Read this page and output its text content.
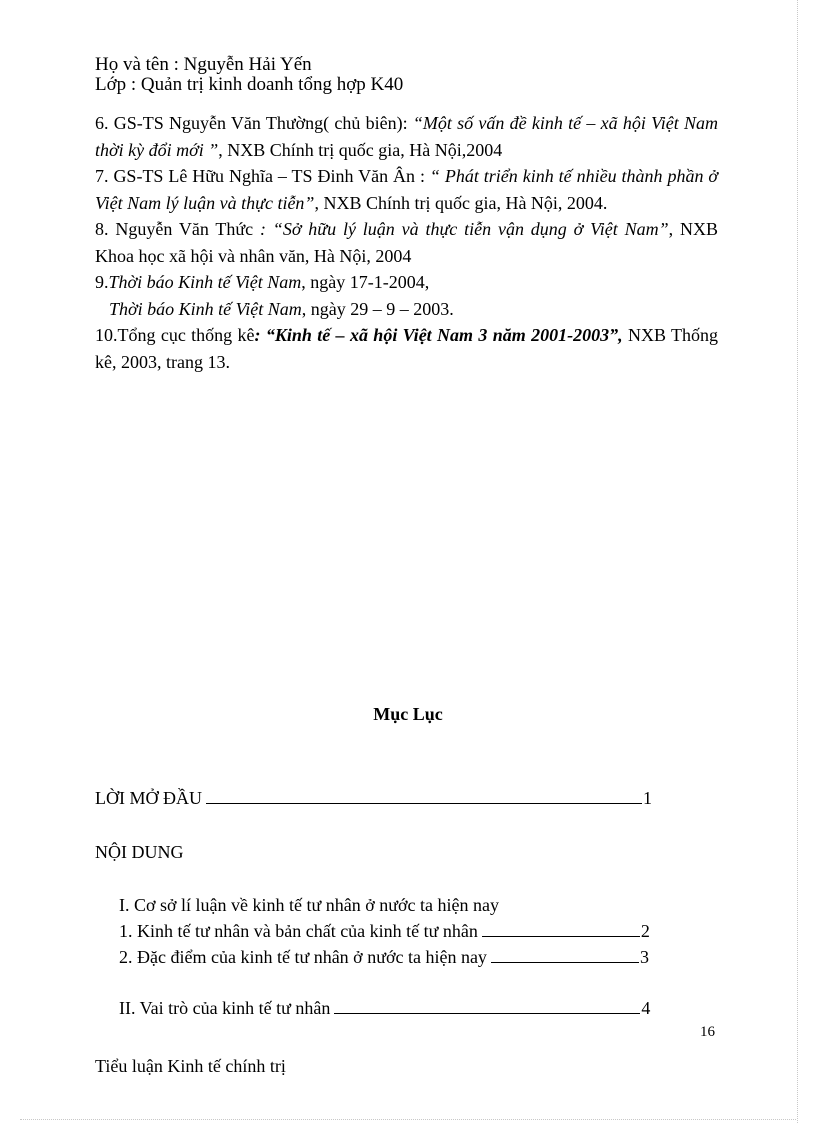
Họ và tên : Nguyễn Hải Yến
Lớp : Quản trị kinh doanh tổng hợp K40

6. GS-TS Nguyễn Văn Thường( chủ biên): “Một số vấn đề kinh tế – xã hội Việt Nam thời kỳ đổi mới ”, NXB Chính trị quốc gia, Hà Nội,2004

7. GS-TS Lê Hữu Nghĩa – TS Đinh Văn Ân : “ Phát triển kinh tế nhiều thành phần ở Việt Nam lý luận và thực tiễn”, NXB Chính trị quốc gia, Hà Nội, 2004.

8. Nguyễn Văn Thức : “Sở hữu lý luận và thực tiễn vận dụng ở Việt Nam”, NXB Khoa học xã hội và nhân văn, Hà Nội, 2004

9.Thời báo Kinh tế Việt Nam, ngày 17-1-2004,

Thời báo Kinh tế Việt Nam, ngày 29 – 9 – 2003.

10.Tổng cục thống kê: “Kinh tế – xã hội Việt Nam 3 năm 2001-2003”, NXB Thống kê, 2003, trang 13.

Mục Lục
LỜI MỞ ĐẦU	1
NỘI DUNG
I. Cơ sở lí luận về kinh tế tư nhân ở nước ta hiện nay
1. Kinh tế tư nhân và bản chất của kinh tế tư nhân	2
2. Đặc điểm của kinh tế tư nhân ở nước ta hiện nay	3
II. Vai trò của kinh tế tư nhân	4
16
Tiểu luận Kinh tế chính trị
